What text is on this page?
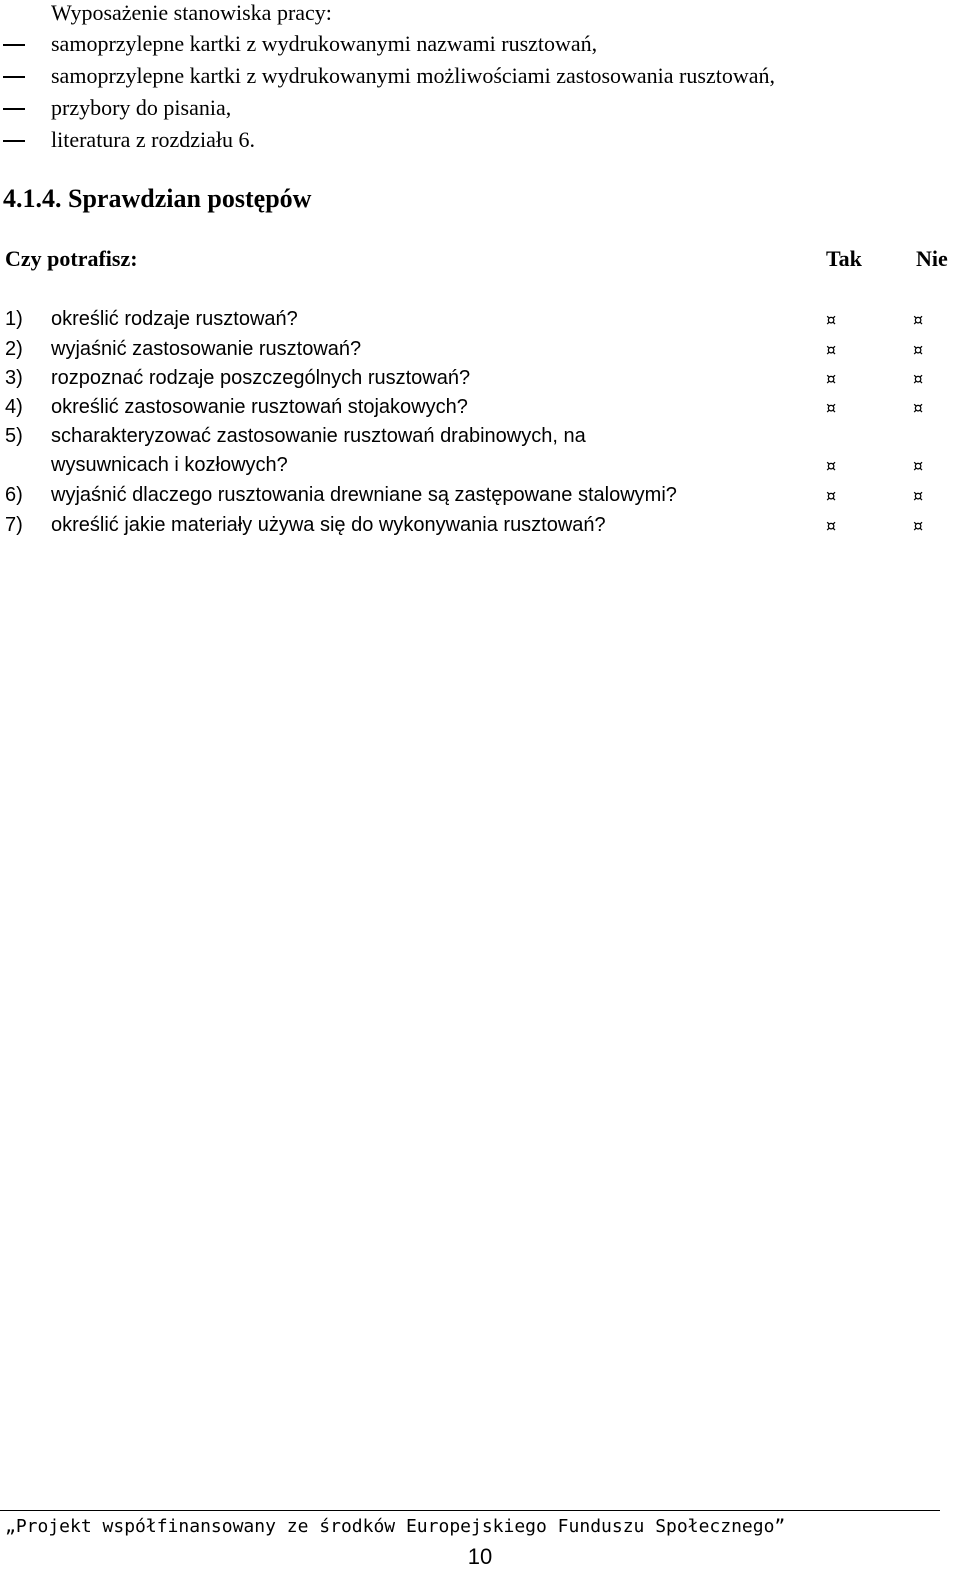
Wyposażenie stanowiska pracy:
samoprzylepne kartki z wydrukowanymi nazwami rusztowań,
samoprzylepne kartki z wydrukowanymi możliwościami zastosowania rusztowań,
przybory do pisania,
literatura z rozdziału 6.
4.1.4. Sprawdzian postępów
Czy potrafisz:	Tak Nie
1) określić rodzaje rusztowań?	¤	¤
2) wyjaśnić zastosowanie rusztowań?	¤	¤
3) rozpoznać rodzaje poszczególnych rusztowań?	¤	¤
4) określić zastosowanie rusztowań stojakowych?	¤	¤
5) scharakteryzować zastosowanie rusztowań drabinowych, na
wysuwnicach i kozłowych?	¤	¤
6) wyjaśnić dlaczego rusztowania drewniane są zastępowane stalowymi?	¤	¤
7) określić jakie materiały używa się do wykonywania rusztowań?	¤	¤
„Projekt współfinansowany ze środków Europejskiego Funduszu Społecznego”
10
